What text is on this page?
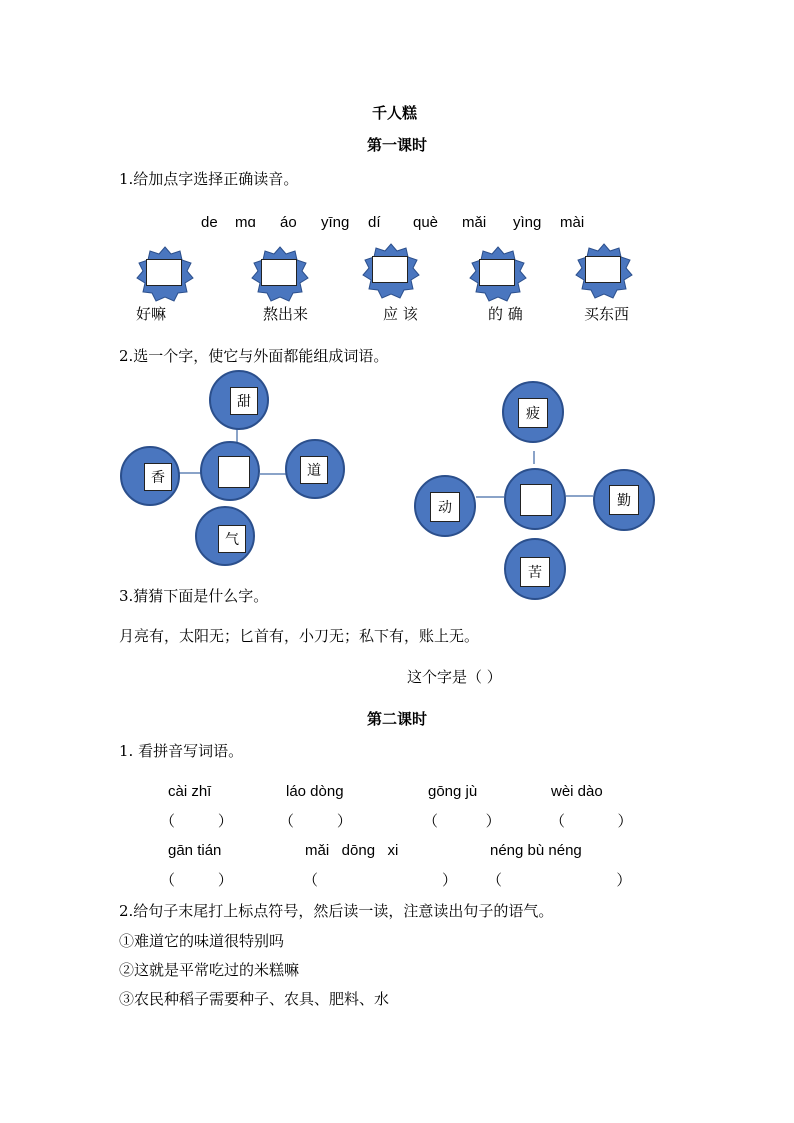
千人糕
第一课时
1.给加点字选择正确读音。
de mɑ áo yīng dí què mǎi yìng mài
好嘛	熬出来	应 该	的 确	买东西
2.选一个字，使它与外面都能组成词语。
甜
香	道
气
疲
动	勤
苦
3.猜猜下面是什么字。
月亮有，太阳无；匕首有，小刀无；私下有，账上无。
这个字是（ ）
第二课时
1. 看拼音写词语。
cài zhī	láo dòng	gōng jù	wèi dào
（         ）	（         ）	（          ）	（           ）
gān tián	mǎi   dōng   xi	néng bù néng
（         ）	（                          ） （                        ）
2.给句子末尾打上标点符号，然后读一读，注意读出句子的语气。
①难道它的味道很特别吗
②这就是平常吃过的米糕嘛
③农民种稻子需要种子、农具、肥料、水
